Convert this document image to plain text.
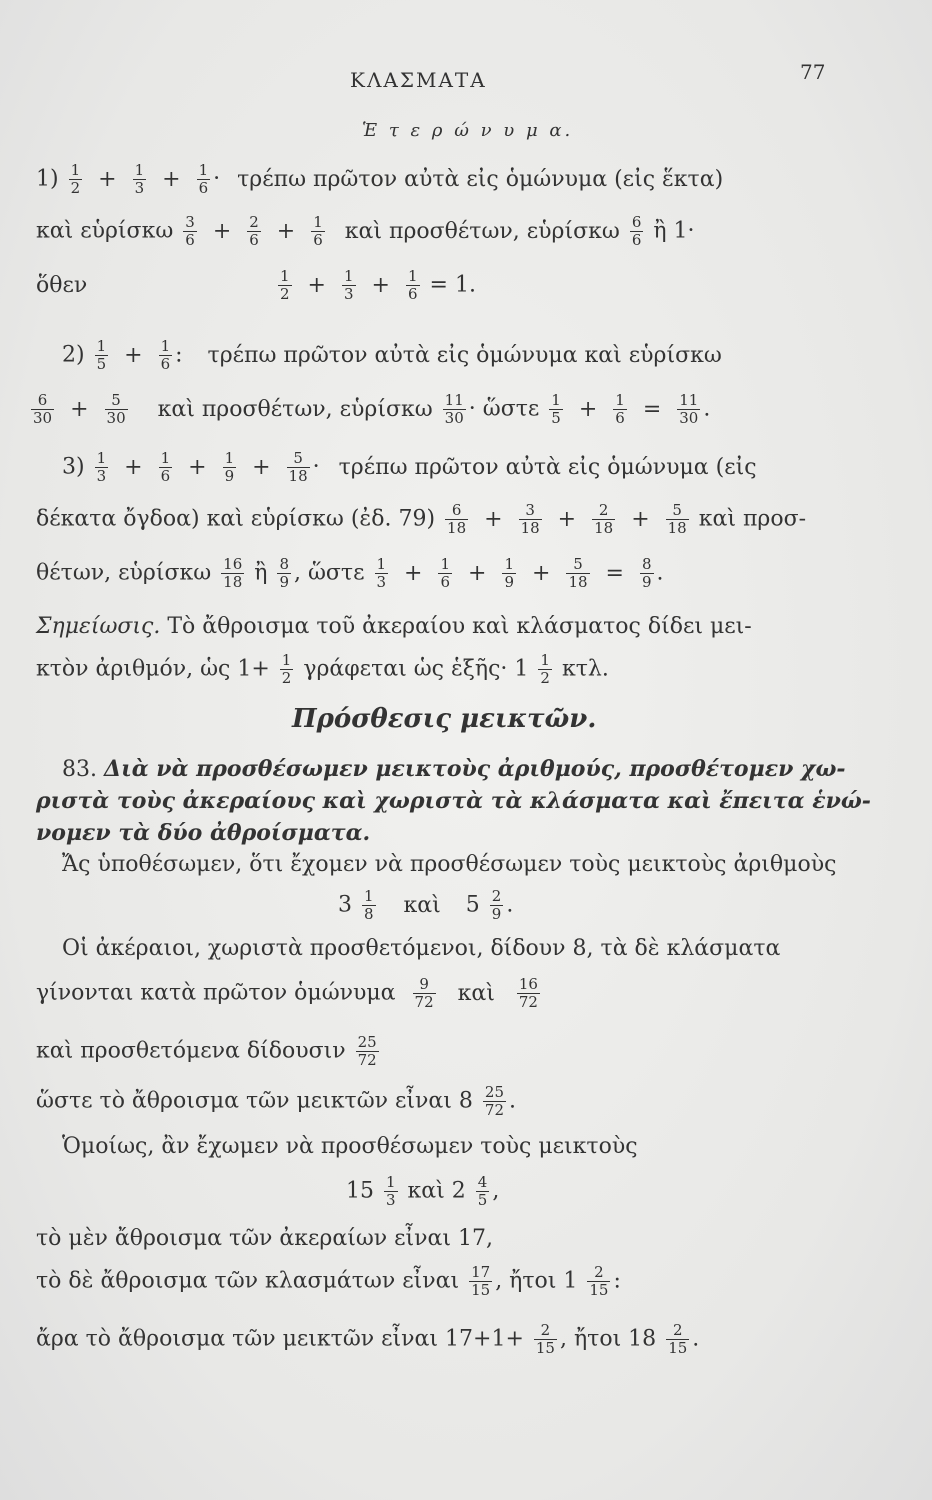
ΚΛΑΣΜΑΤΑ	77
Ἑ τ ε ρ ώ ν υ μ α.
$1) \frac{1}{2} + \frac{1}{3} + \frac{1}{6} \cdot \tau\rho έ\pi\omega$ πρῶτον αὐτὰ εἰς ὁμώνυμα (εἰς ἕκτα)
καὶ εὑρίσκω $\frac{3}{6} + \frac{2}{6} + \frac{1}{6}$ καὶ προσθέτων, εὑρίσκω $\frac{6}{6}$ ἢ 1·
ὅθεν	$\frac{1}{2} + \frac{1}{3} + \frac{1}{6} = 1$.
$2) \frac{1}{5} + \frac{1}{6}$ : τρέπω πρῶτον αὐτὰ εἰς ὁμώνυμα καὶ εὑρίσκω
$\frac{6}{30} + \frac{5}{30}$ καὶ προσθέτων, εὑρίσκω $\frac{11}{30}$ · ὥστε $\frac{1}{5} + \frac{1}{6} = \frac{11}{30}$ .
$3) \frac{1}{3} + \frac{1}{6} + \frac{1}{9} + \frac{5}{18} \cdot \tau\rho έ\pi\omega$ πρῶτον αὐτὰ εἰς ὁμώνυμα (εἰς
δέκατα ὄγδοα) καὶ εὑρίσκω (ἐδ. $79) \frac{6}{18} + \frac{3}{18} + \frac{2}{18} + \frac{5}{18}$ καὶ προσ-
θέτων, εὑρίσκω $\frac{16}{18}$ ἢ $\frac{8}{9}$ , ὥστε $\frac{1}{3} + \frac{1}{6} + \frac{1}{9} + \frac{5}{18} = \frac{8}{9}$ .
Σημείωσις. Τὸ ἄθροισμα τοῦ ἀκεραίου καὶ κλάσματος δίδει μει-
κτὸν ἀριθμόν, ὡς $1+ \frac{1}{2}$ γράφεται ὡς ἑξῆς· $1 \frac{1}{2} \kappa\tau\lambda$.
Πρόσθεσις μεικτῶν.
83. Διὰ νὰ προσθέσωμεν μεικτοὺς ἀριθμούς, προσθέτομεν χω-
ριστὰ τοὺς ἀκεραίους καὶ χωριστὰ τὰ κλάσματα καὶ ἔπειτα ἑνώ-
νομεν τὰ δύο ἀθροίσματα.
Ἄς ὑποθέσωμεν, ὅτι ἔχομεν νὰ προσθέσωμεν τοὺς μεικτοὺς ἀριθμοὺς
$3 \frac{1}{8}$ καὶ $5 \frac{2}{9}$ .
Οἱ ἀκέραιοι, χωριστὰ προσθετόμενοι, δίδουν 8, τὰ δὲ κλάσματα
γίνονται κατὰ πρῶτον ὁμώνυμα $\frac{9}{72}$ καὶ $\frac{16}{72}$
καὶ προσθετόμενα δίδουσιν $\frac{25}{72}$
ὥστε τὸ ἄθροισμα τῶν μεικτῶν εἶναι $8 \frac{25}{72}$ .
Ὁμοίως, ἂν ἔχωμεν νὰ προσθέσωμεν τοὺς μεικτοὺς
$15 \frac{1}{3}$ καὶ $2 \frac{4}{5}$ ,
τὸ μὲν ἄθροισμα τῶν ἀκεραίων εἶναι 17,
τὸ δὲ ἄθροισμα τῶν κλασμάτων εἶναι $\frac{17}{15}$ , ἤτοι $1 \frac{2}{15}$ :
ἄρα τὸ ἄθροισμα τῶν μεικτῶν εἶναι $17+1+ \frac{2}{15}$ , ἤτοι $18 \frac{2}{15}$ .
